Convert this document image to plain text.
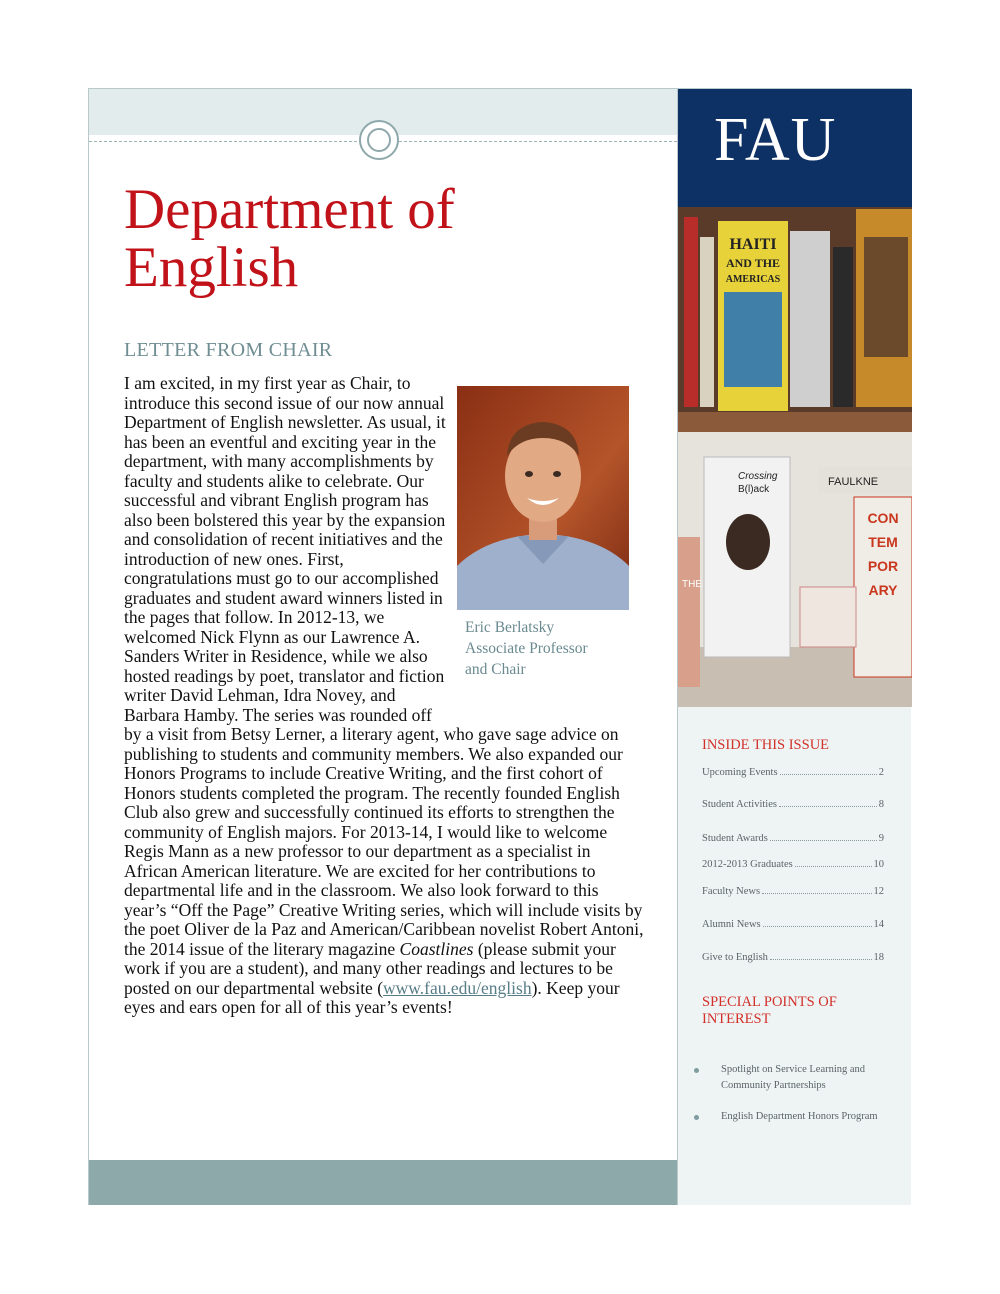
Department of English
LETTER FROM CHAIR

I am excited, in my first year as Chair, to introduce this second issue of our now annual Department of English newsletter. As usual, it has been an eventful and exciting year in the department, with many accomplishments by faculty and students alike to celebrate. Our successful and vibrant English program has also been bolstered this year by the expansion and consolidation of recent initiatives and the introduction of new ones. First, congratulations must go to our accomplished graduates and student award winners listed in the pages that follow. In 2012-13, we welcomed Nick Flynn as our Lawrence A. Sanders Writer in Residence, while we also hosted readings by poet, translator and fiction writer David Lehman, Idra Novey, and Barbara Hamby. The series was rounded off by a visit from Betsy Lerner, a literary agent, who gave sage advice on publishing to students and community members. We also expanded our Honors Programs to include Creative Writing, and the first cohort of Honors students completed the program. The recently founded English Club also grew and successfully continued its efforts to strengthen the community of English majors. For 2013-14, I would like to welcome Regis Mann as a new professor to our department as a specialist in African American literature. We are excited for her contributions to departmental life and in the classroom. We also look forward to this year’s “Off the Page” Creative Writing series, which will include visits by the poet Oliver de la Paz and American/Caribbean novelist Robert Antoni, the 2014 issue of the literary magazine Coastlines (please submit your work if you are a student), and many other readings and lectures to be posted on our departmental website (www.fau.edu/english). Keep your eyes and ears open for all of this year’s events!

Eric Berlatsky
Associate Professor
and Chair
FAU
HAITI
AND THE
AMERICAS
THE
Crossing
B(l)ack
FAULKNE
CON
TEM
POR
ARY
INSIDE THIS ISSUE
Upcoming Events	2
Student Activities	8
Student Awards	9
2012-2013 Graduates	10
Faculty News	12
Alumni News	14
Give to English	18
SPECIAL POINTS OF INTEREST
Spotlight on Service Learning and Community Partnerships
English Department Honors Program
